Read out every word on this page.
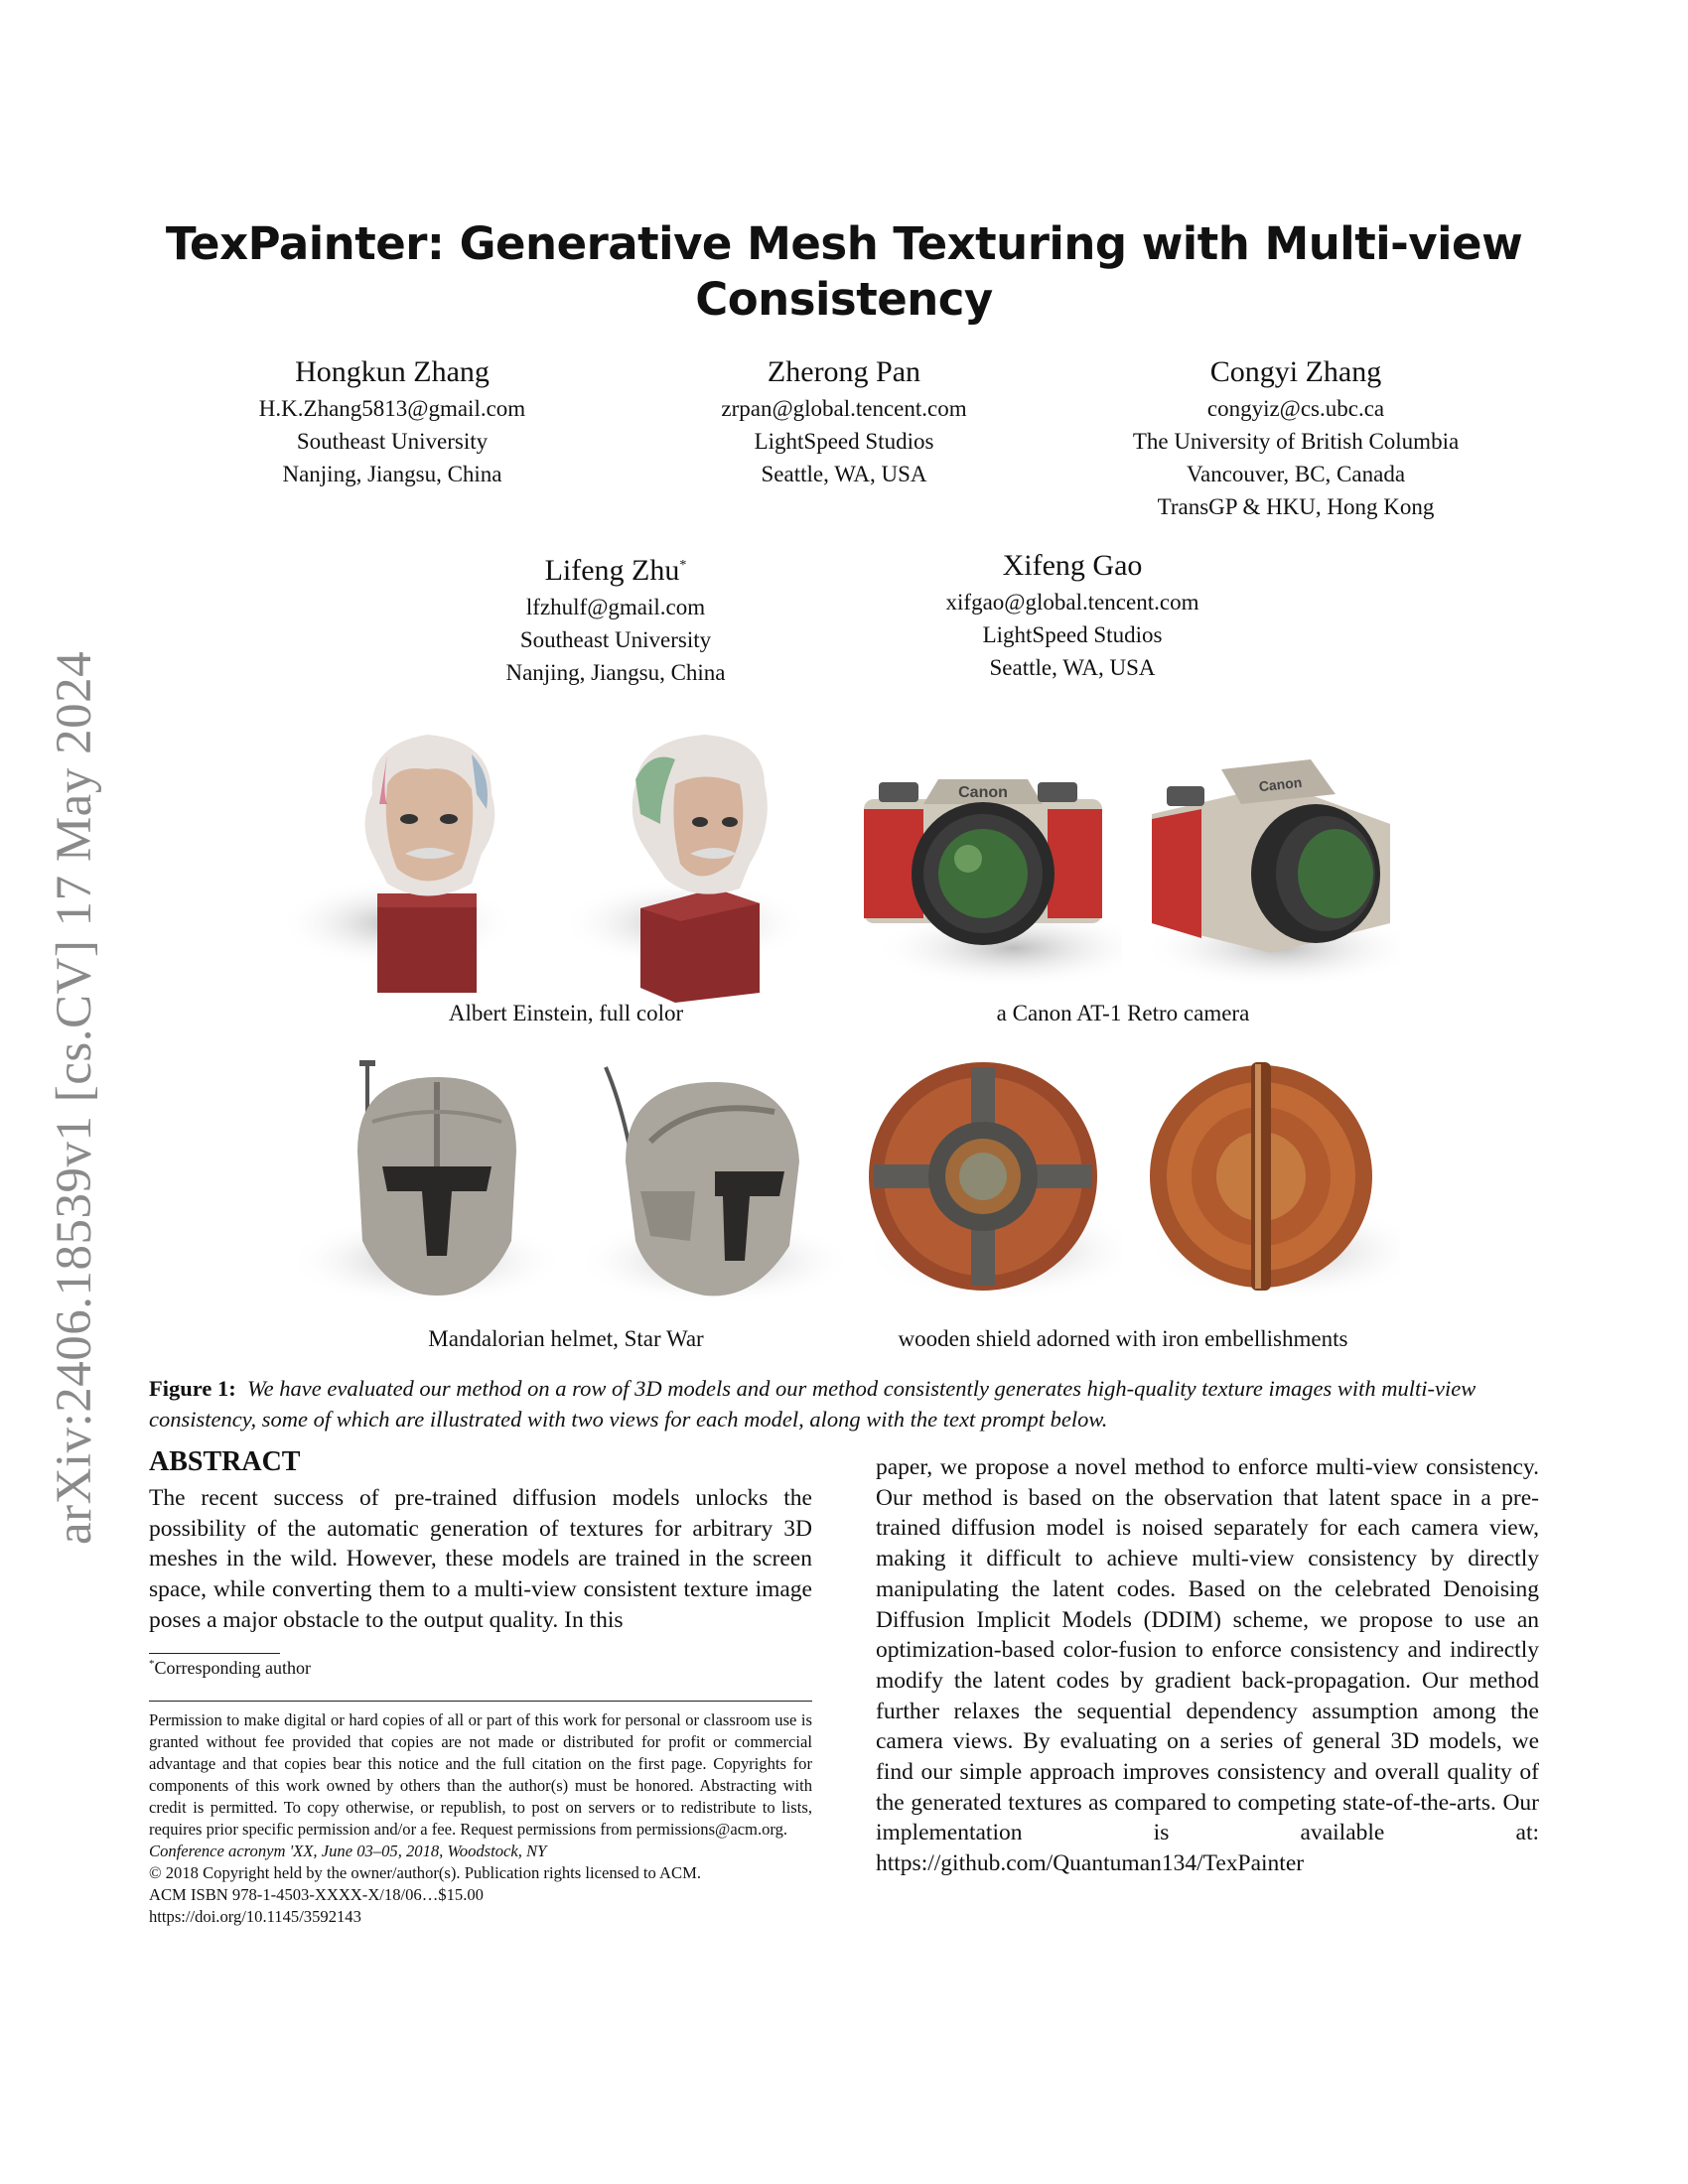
arXiv:2406.18539v1 [cs.CV] 17 May 2024
TexPainter: Generative Mesh Texturing with Multi-view
Consistency
Hongkun Zhang
H.K.Zhang5813@gmail.com
Southeast University
Nanjing, Jiangsu, China
Zherong Pan
zrpan@global.tencent.com
LightSpeed Studios
Seattle, WA, USA
Congyi Zhang
congyiz@cs.ubc.ca
The University of British Columbia
Vancouver, BC, Canada
TransGP & HKU, Hong Kong
Lifeng Zhu*
lfzhulf@gmail.com
Southeast University
Nanjing, Jiangsu, China
Xifeng Gao
xifgao@global.tencent.com
LightSpeed Studios
Seattle, WA, USA
Canon	Canon
Albert Einstein, full color	a Canon AT-1 Retro camera
Mandalorian helmet, Star War	wooden shield adorned with iron embellishments
Figure 1: We have evaluated our method on a row of 3D models and our method consistently generates high-quality texture images with multi-view consistency, some of which are illustrated with two views for each model, along with the text prompt below.
ABSTRACT
The recent success of pre-trained diffusion models unlocks the possibility of the automatic generation of textures for arbitrary 3D meshes in the wild. However, these models are trained in the screen space, while converting them to a multi-view consistent texture image poses a major obstacle to the output quality. In this
paper, we propose a novel method to enforce multi-view consistency. Our method is based on the observation that latent space in a pre-trained diffusion model is noised separately for each camera view, making it difficult to achieve multi-view consistency by directly manipulating the latent codes. Based on the celebrated Denoising Diffusion Implicit Models (DDIM) scheme, we propose to use an optimization-based color-fusion to enforce consistency and indirectly modify the latent codes by gradient back-propagation. Our method further relaxes the sequential dependency assumption among the camera views. By evaluating on a series of general 3D models, we find our simple approach improves consistency and overall quality of the generated textures as compared to competing state-of-the-arts. Our implementation is available at: https://github.com/Quantuman134/TexPainter
*Corresponding author

Permission to make digital or hard copies of all or part of this work for personal or classroom use is granted without fee provided that copies are not made or distributed for profit or commercial advantage and that copies bear this notice and the full citation on the first page. Copyrights for components of this work owned by others than the author(s) must be honored. Abstracting with credit is permitted. To copy otherwise, or republish, to post on servers or to redistribute to lists, requires prior specific permission and/or a fee. Request permissions from permissions@acm.org.

Conference acronym 'XX, June 03–05, 2018, Woodstock, NY

© 2018 Copyright held by the owner/author(s). Publication rights licensed to ACM.

ACM ISBN 978-1-4503-XXXX-X/18/06…$15.00

https://doi.org/10.1145/3592143
